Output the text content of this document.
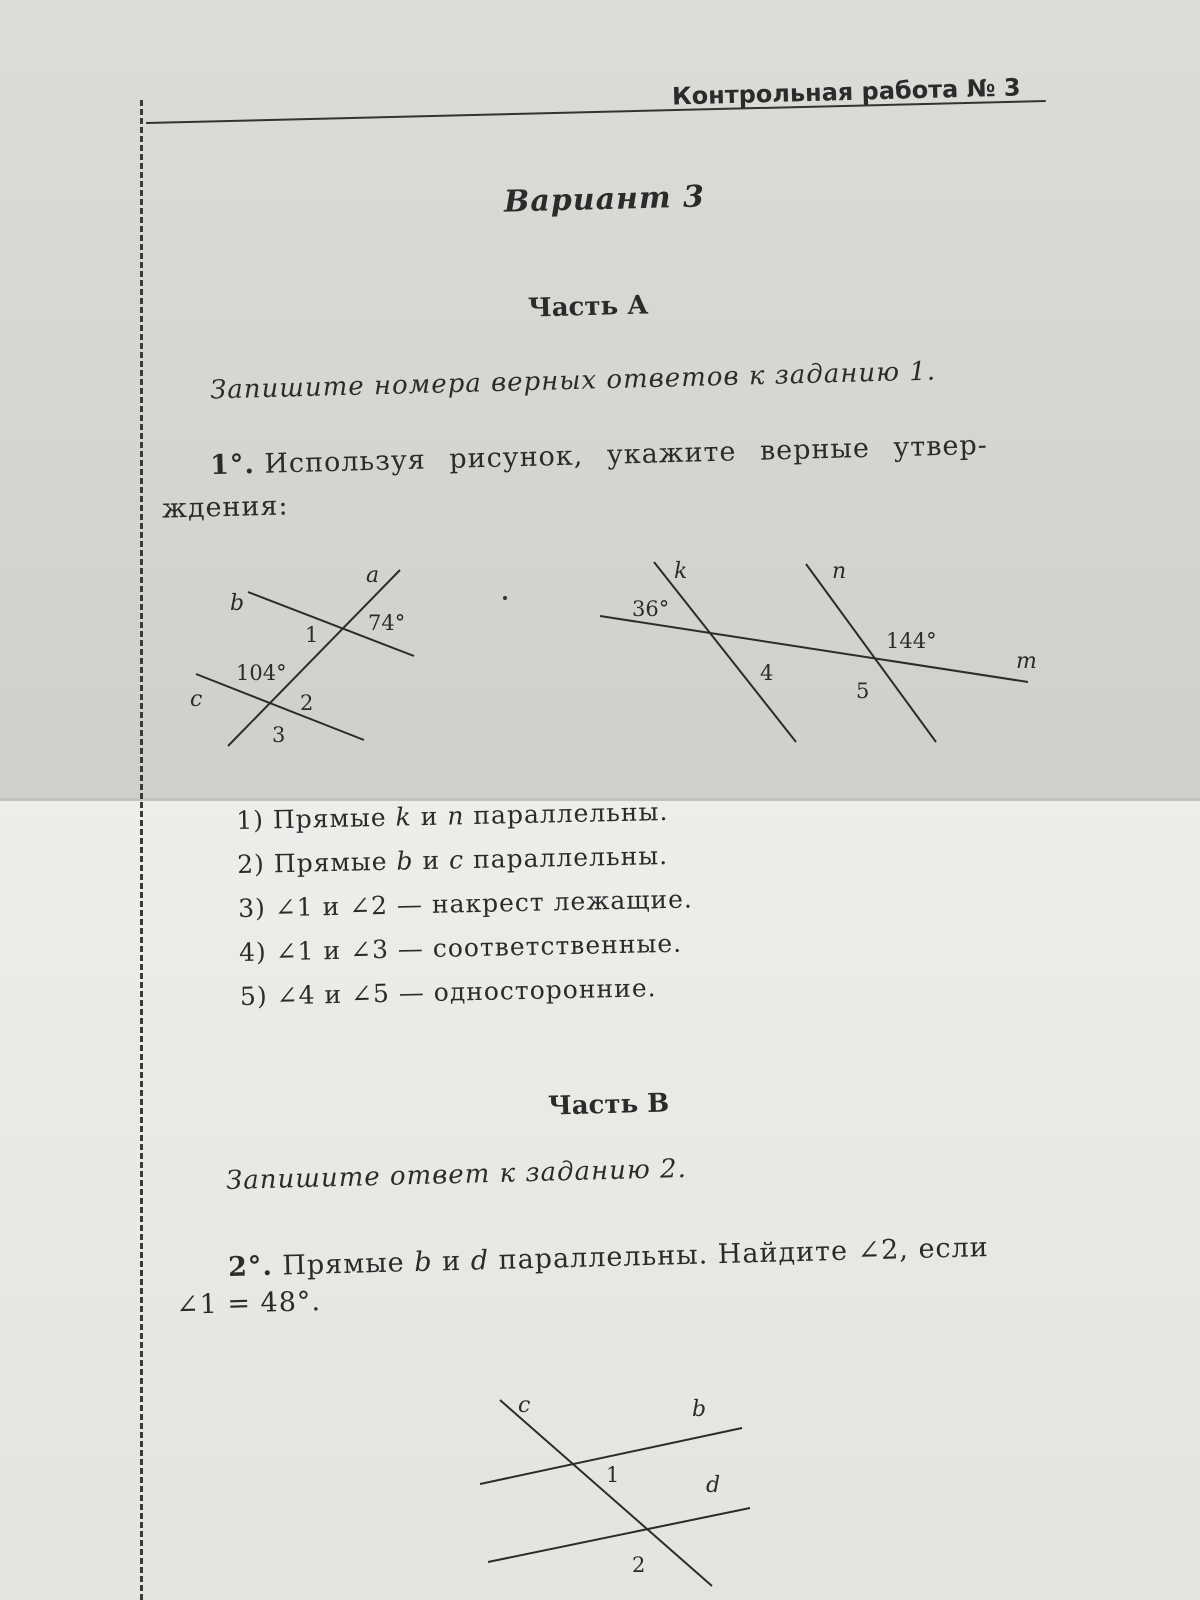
Контрольная работа № 3
Вариант 3
Часть А
Запишите номера верных ответов к заданию 1.
1°. Используя рисунок, укажите верные утвер-
ждения:
a
b
c
1
2
3
74°
104°
k	n
m
4
5
36°
144°
1) Прямые k и n параллельны.
2) Прямые b и c параллельны.
3) ∠1 и ∠2 — накрест лежащие.
4) ∠1 и ∠3 — соответственные.
5) ∠4 и ∠5 — односторонние.
Часть В
Запишите ответ к заданию 2.
2°. Прямые b и d параллельны. Найдите ∠2, если
∠1 = 48°.
c	b
d
1
2
